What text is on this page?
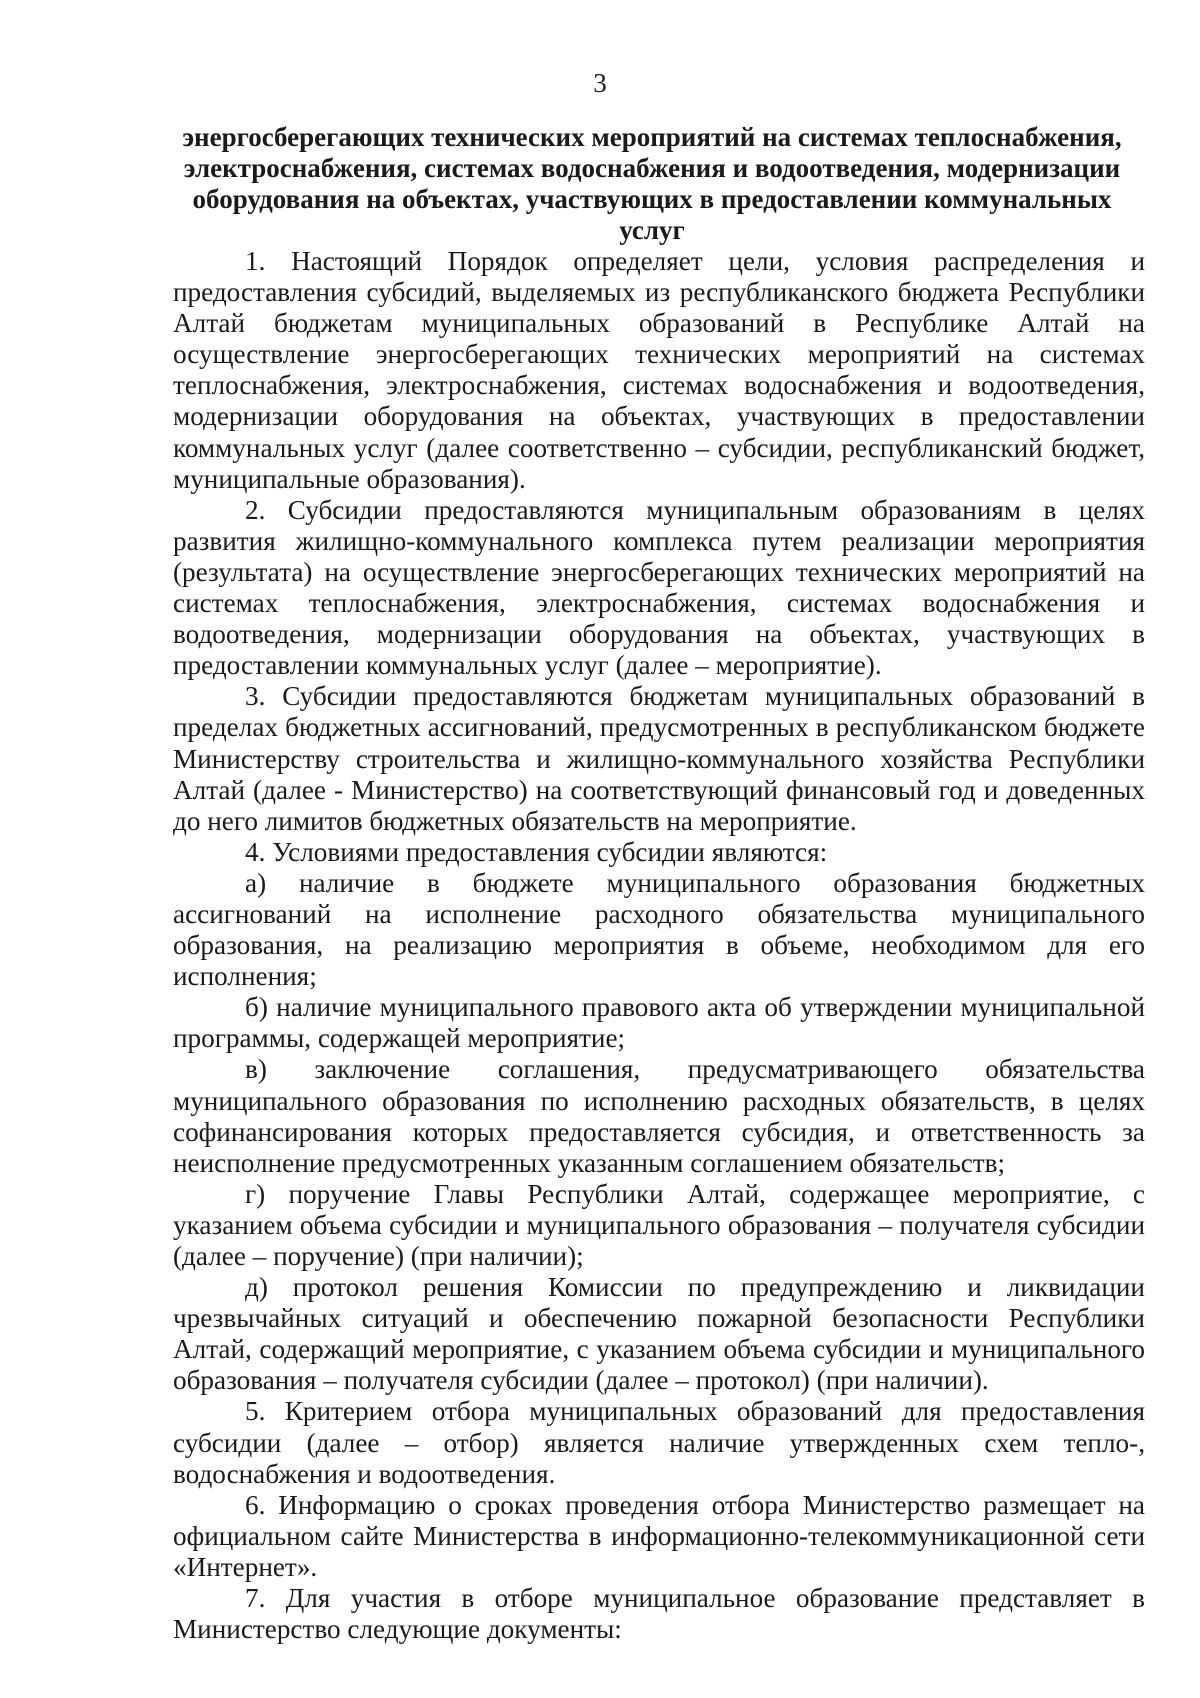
3
энергосберегающих технических мероприятий на системах теплоснабжения,
электроснабжения, системах водоснабжения и водоотведения, модернизации
оборудования на объектах, участвующих в предоставлении коммунальных услуг

1. Настоящий Порядок определяет цели, условия распределения и предоставления субсидий, выделяемых из республиканского бюджета Республики Алтай бюджетам муниципальных образований в Республике Алтай на осуществление энергосберегающих технических мероприятий на системах теплоснабжения, электроснабжения, системах водоснабжения и водоотведения, модернизации оборудования на объектах, участвующих в предоставлении коммунальных услуг (далее соответственно – субсидии, республиканский бюджет, муниципальные образования).

2. Субсидии предоставляются муниципальным образованиям в целях развития жилищно-коммунального комплекса путем реализации мероприятия (результата) на осуществление энергосберегающих технических мероприятий на системах теплоснабжения, электроснабжения, системах водоснабжения и водоотведения, модернизации оборудования на объектах, участвующих в предоставлении коммунальных услуг (далее – мероприятие).

3. Субсидии предоставляются бюджетам муниципальных образований в пределах бюджетных ассигнований, предусмотренных в республиканском бюджете Министерству строительства и жилищно-коммунального хозяйства Республики Алтай (далее - Министерство) на соответствующий финансовый год и доведенных до него лимитов бюджетных обязательств на мероприятие.

4. Условиями предоставления субсидии являются:

а) наличие в бюджете муниципального образования бюджетных ассигнований на исполнение расходного обязательства муниципального образования, на реализацию мероприятия в объеме, необходимом для его исполнения;

б) наличие муниципального правового акта об утверждении муниципальной программы, содержащей мероприятие;

в) заключение соглашения, предусматривающего обязательства муниципального образования по исполнению расходных обязательств, в целях софинансирования которых предоставляется субсидия, и ответственность за неисполнение предусмотренных указанным соглашением обязательств;

г) поручение Главы Республики Алтай, содержащее мероприятие, с указанием объема субсидии и муниципального образования – получателя субсидии (далее – поручение) (при наличии);

д) протокол решения Комиссии по предупреждению и ликвидации чрезвычайных ситуаций и обеспечению пожарной безопасности Республики Алтай, содержащий мероприятие, с указанием объема субсидии и муниципального образования – получателя субсидии (далее – протокол) (при наличии).

5. Критерием отбора муниципальных образований для предоставления субсидии (далее – отбор) является наличие утвержденных схем тепло-, водоснабжения и водоотведения.

6. Информацию о сроках проведения отбора Министерство размещает на официальном сайте Министерства в информационно-телекоммуникационной сети «Интернет».

7. Для участия в отборе муниципальное образование представляет в Министерство следующие документы:
